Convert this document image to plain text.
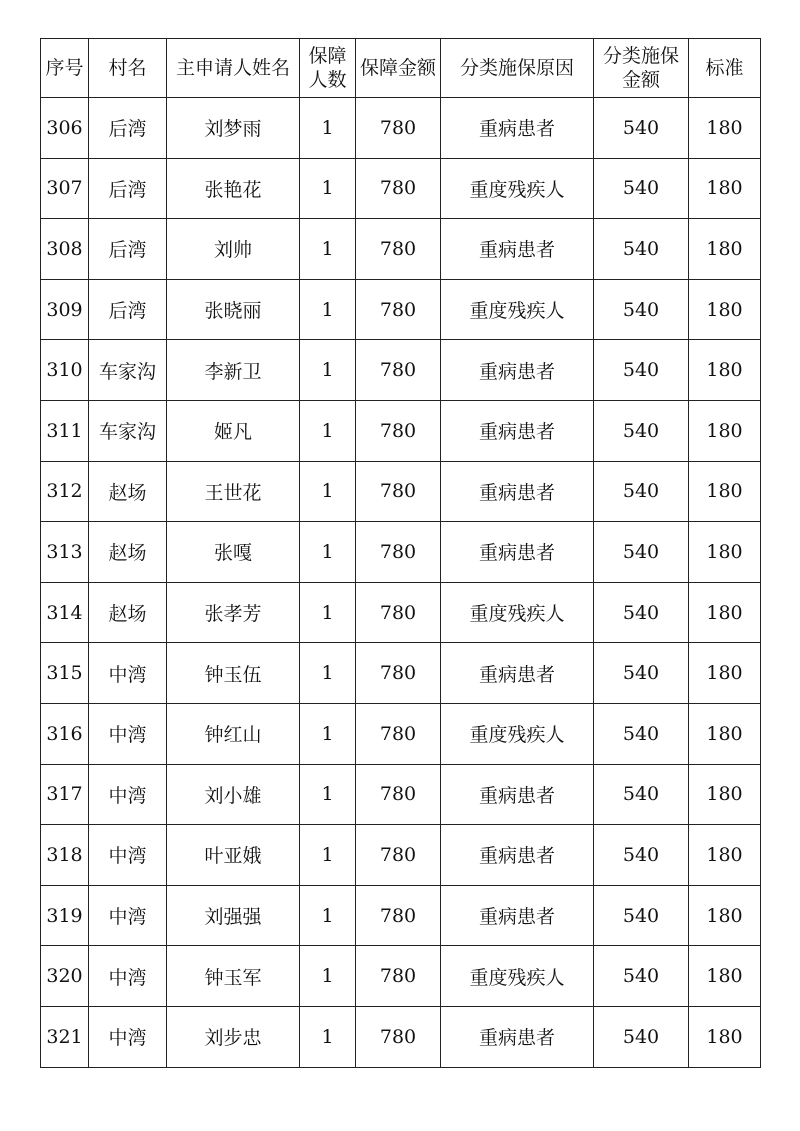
序号	村名	主申请人姓名	保障人数	保障金额	分类施保原因	分类施保金额	标准
306	后湾	刘梦雨	1	780	重病患者	540	180
307	后湾	张艳花	1	780	重度残疾人	540	180
308	后湾	刘帅	1	780	重病患者	540	180
309	后湾	张晓丽	1	780	重度残疾人	540	180
310	车家沟	李新卫	1	780	重病患者	540	180
311	车家沟	姬凡	1	780	重病患者	540	180
312	赵场	王世花	1	780	重病患者	540	180
313	赵场	张嘎	1	780	重病患者	540	180
314	赵场	张孝芳	1	780	重度残疾人	540	180
315	中湾	钟玉伍	1	780	重病患者	540	180
316	中湾	钟红山	1	780	重度残疾人	540	180
317	中湾	刘小雄	1	780	重病患者	540	180
318	中湾	叶亚娥	1	780	重病患者	540	180
319	中湾	刘强强	1	780	重病患者	540	180
320	中湾	钟玉军	1	780	重度残疾人	540	180
321	中湾	刘步忠	1	780	重病患者	540	180
